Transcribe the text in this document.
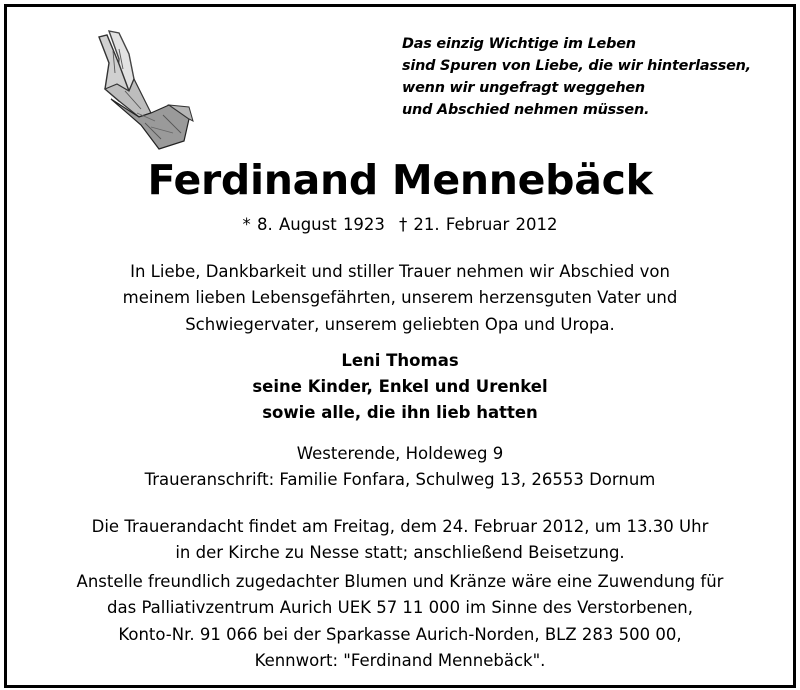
Das einzig Wichtige im Leben
sind Spuren von Liebe, die wir hinterlassen,
wenn wir ungefragt weggehen
und Abschied nehmen müssen.
Ferdinand Mennebäck
* 8. August 1923 † 21. Februar 2012
In Liebe, Dankbarkeit und stiller Trauer nehmen wir Abschied von
meinem lieben Lebensgefährten, unserem herzensguten Vater und
Schwiegervater, unserem geliebten Opa und Uropa.
Leni Thomas
seine Kinder, Enkel und Urenkel
sowie alle, die ihn lieb hatten
Westerende, Holdeweg 9
Traueranschrift: Familie Fonfara, Schulweg 13, 26553 Dornum
Die Trauerandacht findet am Freitag, dem 24. Februar 2012, um 13.30 Uhr
in der Kirche zu Nesse statt; anschließend Beisetzung.
Anstelle freundlich zugedachter Blumen und Kränze wäre eine Zuwendung für
das Palliativzentrum Aurich UEK 57 11 000 im Sinne des Verstorbenen,
Konto-Nr. 91 066 bei der Sparkasse Aurich-Norden, BLZ 283 500 00,
Kennwort: "Ferdinand Mennebäck".
